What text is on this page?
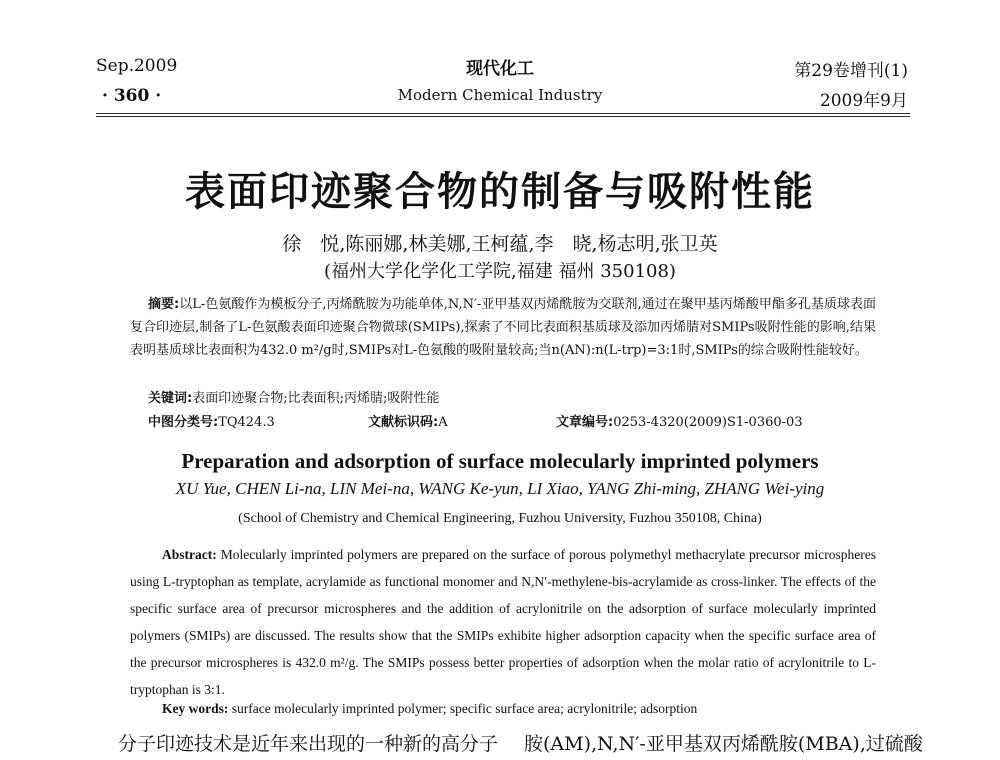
Sep.2009
· 360 ·
现代化工
Modern Chemical Industry
第29卷增刊(1)
2009年9月
表面印迹聚合物的制备与吸附性能
徐　悦,陈丽娜,林美娜,王柯蕴,李　晓,杨志明,张卫英
(福州大学化学化工学院,福建 福州 350108)
摘要:以L-色氨酸作为模板分子,丙烯酰胺为功能单体,N,N′-亚甲基双丙烯酰胺为交联剂,通过在聚甲基丙烯酸甲酯多孔基质球表面复合印迹层,制备了L-色氨酸表面印迹聚合物微球(SMIPs),探索了不同比表面积基质球及添加丙烯腈对SMIPs吸附性能的影响,结果表明基质球比表面积为432.0 m²/g时,SMIPs对L-色氨酸的吸附量较高;当n(AN):n(L-trp)=3:1时,SMIPs的综合吸附性能较好。
关键词:表面印迹聚合物;比表面积;丙烯腈;吸附性能
中图分类号:TQ424.3	文献标识码:A	文章编号:0253-4320(2009)S1-0360-03
Preparation and adsorption of surface molecularly imprinted polymers
XU Yue, CHEN Li-na, LIN Mei-na, WANG Ke-yun, LI Xiao, YANG Zhi-ming, ZHANG Wei-ying
(School of Chemistry and Chemical Engineering, Fuzhou University, Fuzhou 350108, China)
Abstract: Molecularly imprinted polymers are prepared on the surface of porous polymethyl methacrylate precursor microspheres using L-tryptophan as template, acrylamide as functional monomer and N,N′-methylene-bis-acrylamide as cross-linker. The effects of the specific surface area of precursor microspheres and the addition of acrylonitrile on the adsorption of surface molecularly imprinted polymers (SMIPs) are discussed. The results show that the SMIPs exhibite higher adsorption capacity when the specific surface area of the precursor microspheres is 432.0 m²/g. The SMIPs possess better properties of adsorption when the molar ratio of acrylonitrile to L-tryptophan is 3:1.
Key words: surface molecularly imprinted polymer; specific surface area; acrylonitrile; adsorption
分子印迹技术是近年来出现的一种新的高分子 胺(AM),N,N′-亚甲基双丙烯酰胺(MBA),过硫酸
